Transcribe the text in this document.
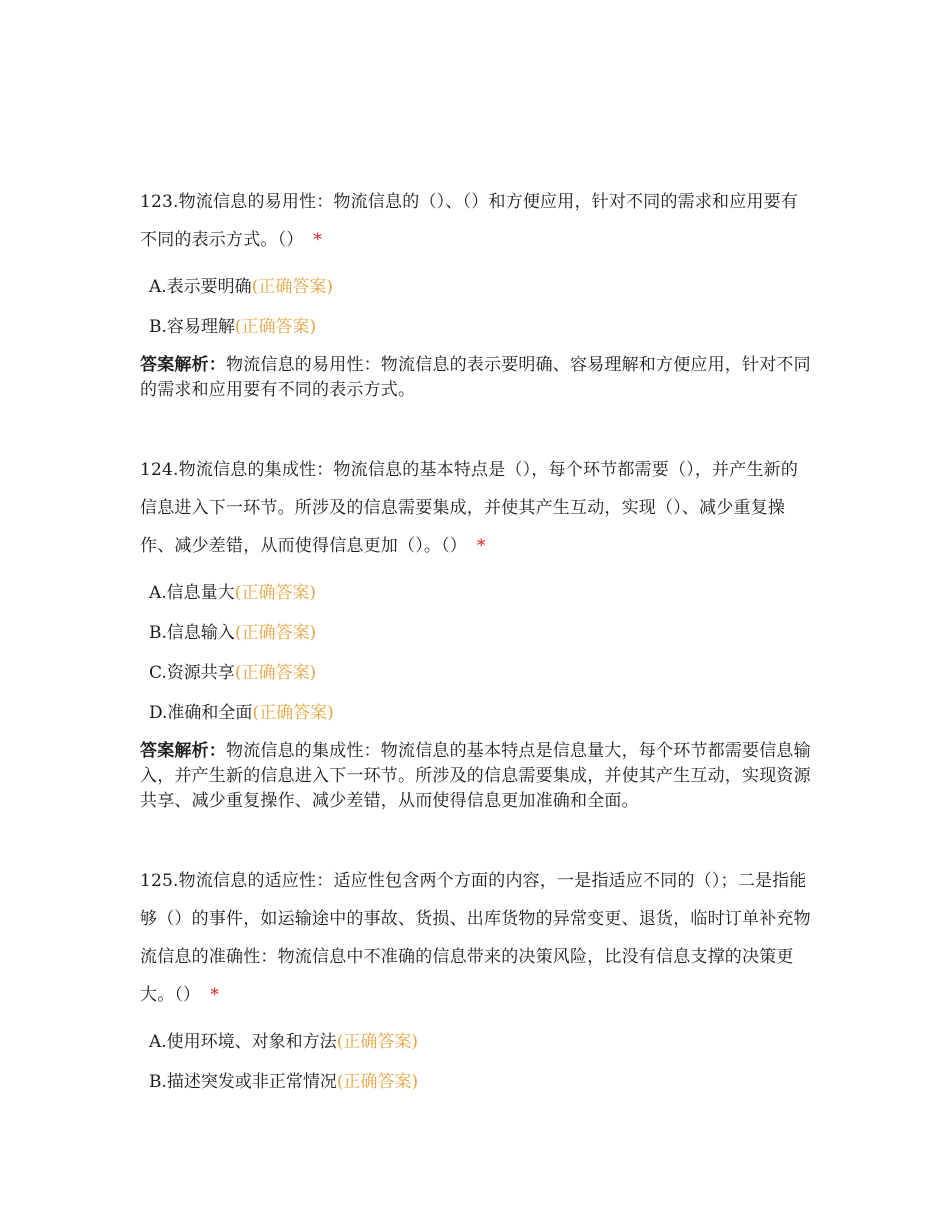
123.物流信息的易用性：物流信息的（）、（）和方便应用，针对不同的需求和应用要有不同的表示方式。（） *

A.表示要明确(正确答案)

B.容易理解(正确答案)

答案解析：物流信息的易用性：物流信息的表示要明确、容易理解和方便应用，针对不同的需求和应用要有不同的表示方式。

124.物流信息的集成性：物流信息的基本特点是（），每个环节都需要（），并产生新的信息进入下一环节。所涉及的信息需要集成，并使其产生互动，实现（）、减少重复操作、减少差错，从而使得信息更加（）。（） *

A.信息量大(正确答案)

B.信息输入(正确答案)

C.资源共享(正确答案)

D.准确和全面(正确答案)

答案解析：物流信息的集成性：物流信息的基本特点是信息量大，每个环节都需要信息输入，并产生新的信息进入下一环节。所涉及的信息需要集成，并使其产生互动，实现资源共享、减少重复操作、减少差错，从而使得信息更加准确和全面。

125.物流信息的适应性：适应性包含两个方面的内容，一是指适应不同的（）；二是指能够（）的事件，如运输途中的事故、货损、出库货物的异常变更、退货，临时订单补充物流信息的准确性：物流信息中不准确的信息带来的决策风险，比没有信息支撑的决策更大。（） *

A.使用环境、对象和方法(正确答案)

B.描述突发或非正常情况(正确答案)
